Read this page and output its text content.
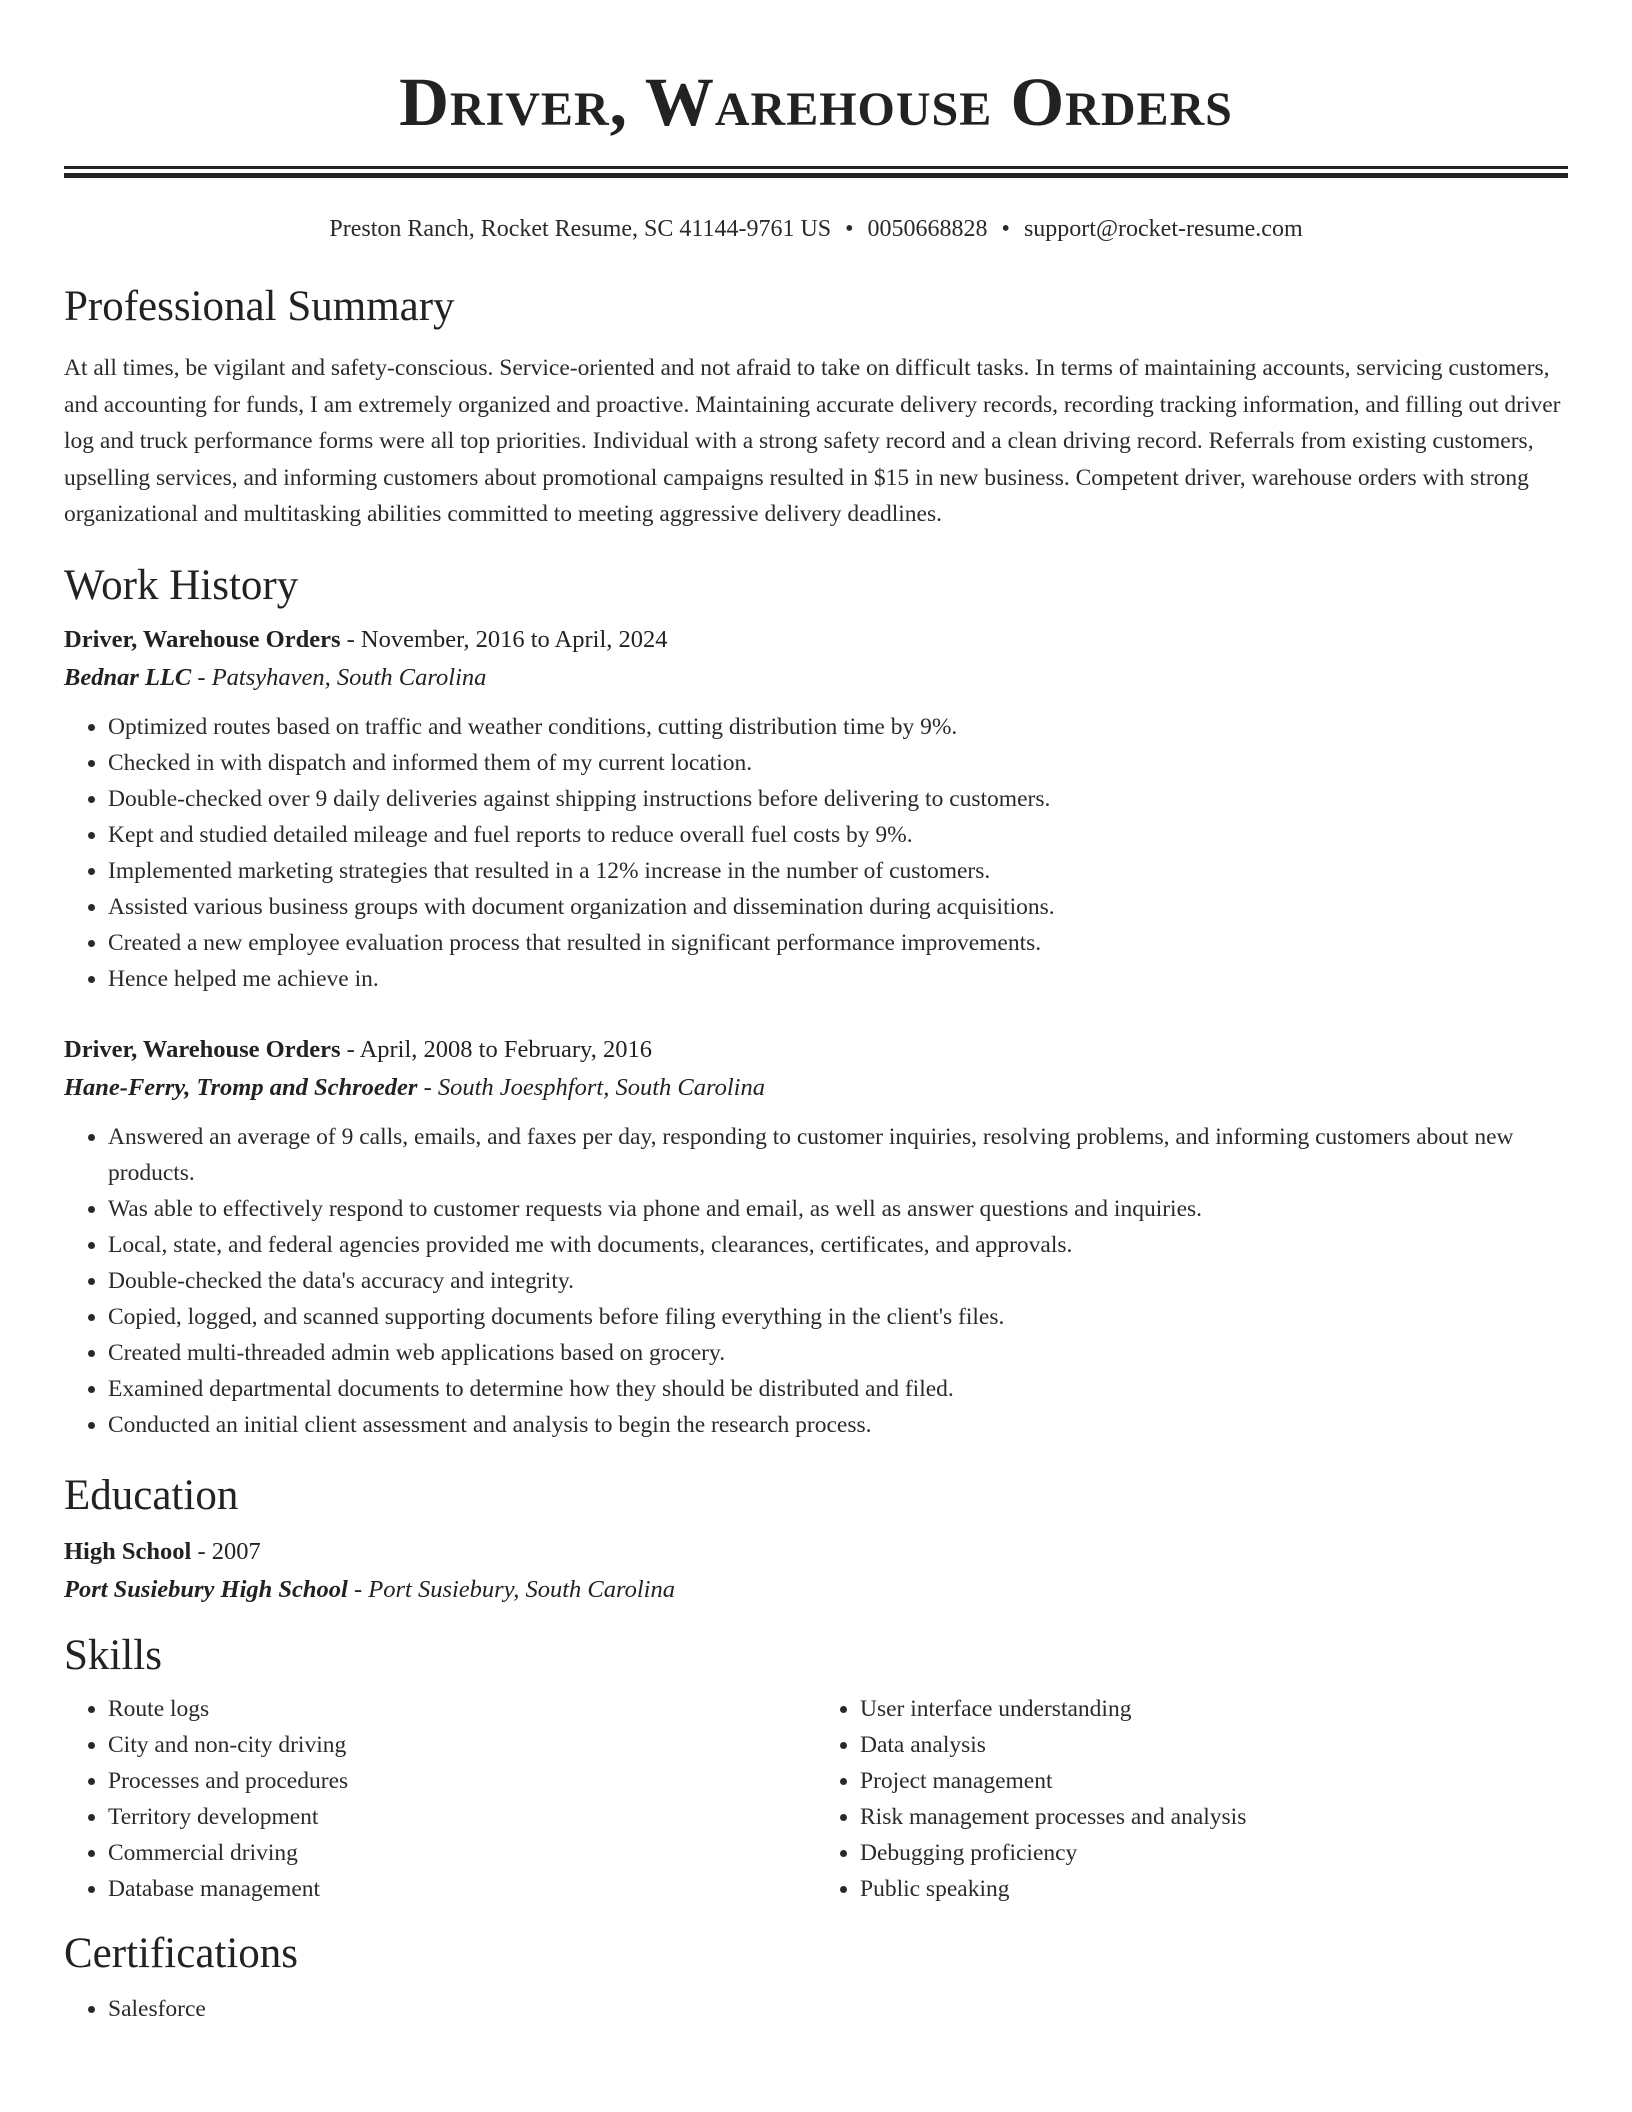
Driver, Warehouse Orders
Preston Ranch, Rocket Resume, SC 41144-9761 US • 0050668828 • support@rocket-resume.com
Professional Summary

At all times, be vigilant and safety-conscious. Service-oriented and not afraid to take on difficult tasks. In terms of maintaining accounts, servicing customers, and accounting for funds, I am extremely organized and proactive. Maintaining accurate delivery records, recording tracking information, and filling out driver log and truck performance forms were all top priorities. Individual with a strong safety record and a clean driving record. Referrals from existing customers, upselling services, and informing customers about promotional campaigns resulted in $15 in new business. Competent driver, warehouse orders with strong organizational and multitasking abilities committed to meeting aggressive delivery deadlines.

Work History
Driver, Warehouse Orders - November, 2016 to April, 2024
Bednar LLC - Patsyhaven, South Carolina
• Optimized routes based on traffic and weather conditions, cutting distribution time by 9%.
• Checked in with dispatch and informed them of my current location.
• Double-checked over 9 daily deliveries against shipping instructions before delivering to customers.
• Kept and studied detailed mileage and fuel reports to reduce overall fuel costs by 9%.
• Implemented marketing strategies that resulted in a 12% increase in the number of customers.
• Assisted various business groups with document organization and dissemination during acquisitions.
• Created a new employee evaluation process that resulted in significant performance improvements.
• Hence helped me achieve in.
Driver, Warehouse Orders - April, 2008 to February, 2016
Hane-Ferry, Tromp and Schroeder - South Joesphfort, South Carolina
• Answered an average of 9 calls, emails, and faxes per day, responding to customer inquiries, resolving problems, and informing customers about new products.
• Was able to effectively respond to customer requests via phone and email, as well as answer questions and inquiries.
• Local, state, and federal agencies provided me with documents, clearances, certificates, and approvals.
• Double-checked the data's accuracy and integrity.
• Copied, logged, and scanned supporting documents before filing everything in the client's files.
• Created multi-threaded admin web applications based on grocery.
• Examined departmental documents to determine how they should be distributed and filed.
• Conducted an initial client assessment and analysis to begin the research process.
Education
High School - 2007
Port Susiebury High School - Port Susiebury, South Carolina
Skills
• Route logs
• City and non-city driving
• Processes and procedures
• Territory development
• Commercial driving
• Database management
• User interface understanding
• Data analysis
• Project management
• Risk management processes and analysis
• Debugging proficiency
• Public speaking
Certifications
• Salesforce
